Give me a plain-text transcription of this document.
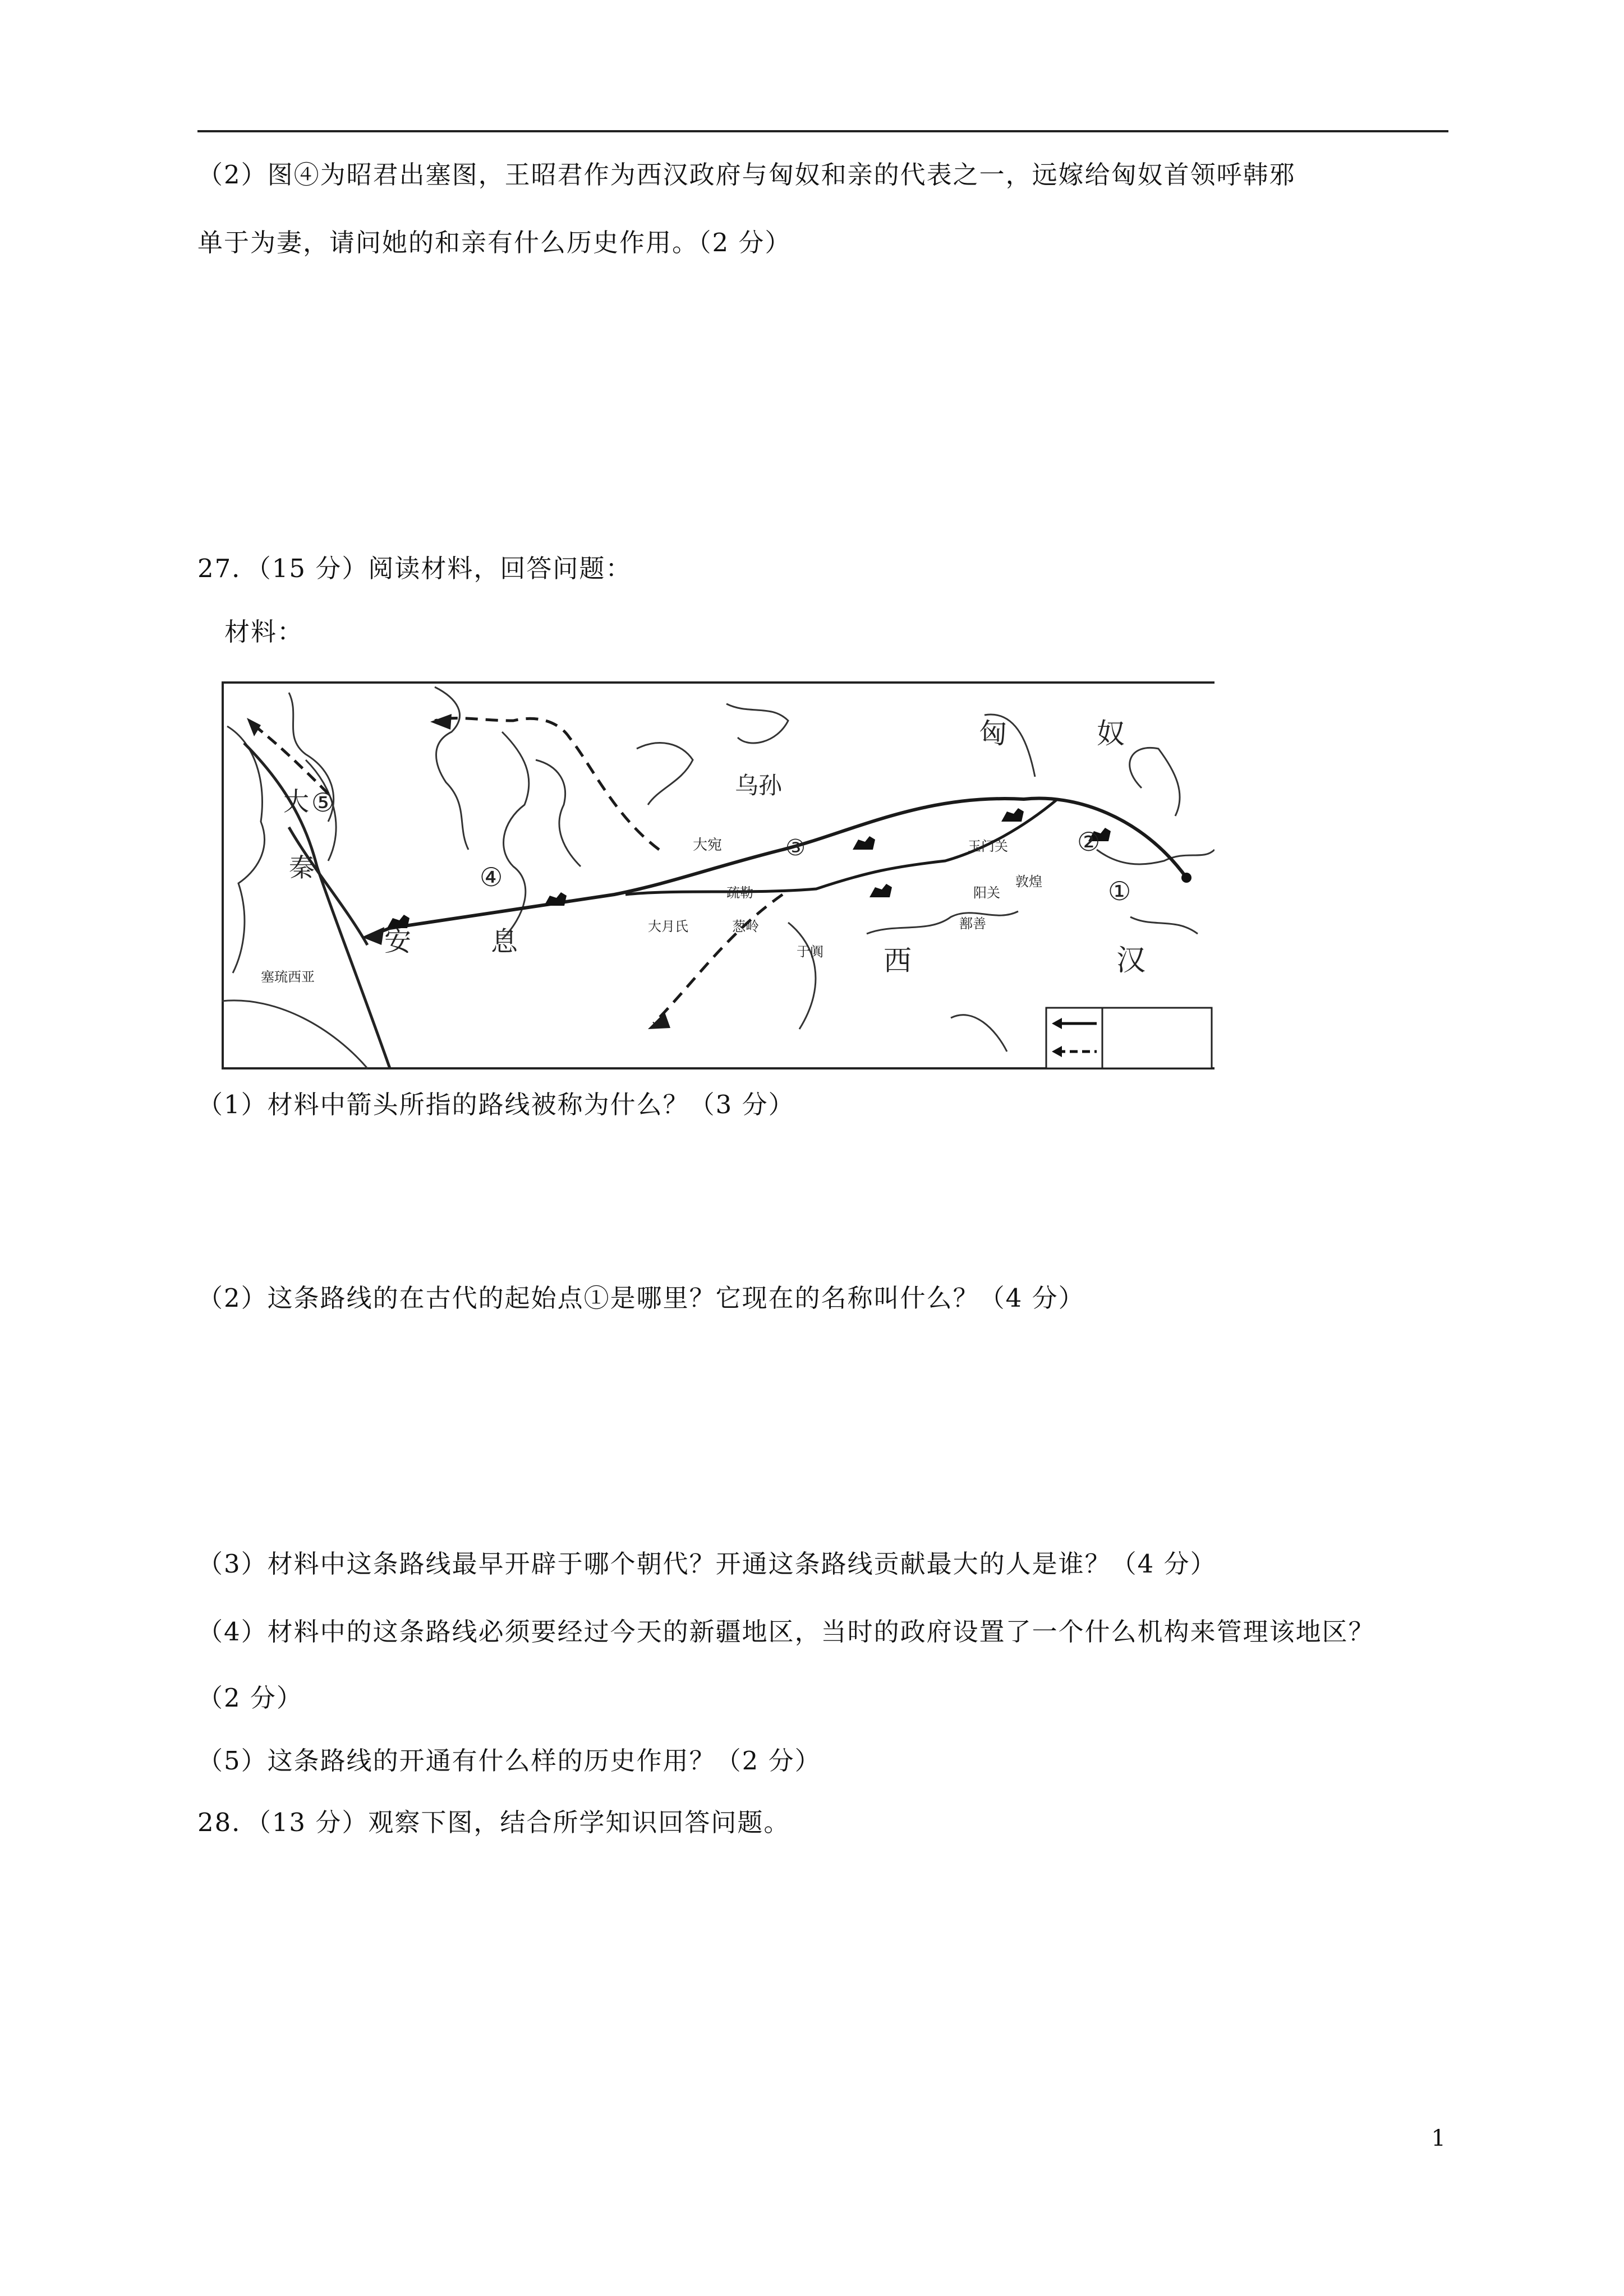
（2）图④为昭君出塞图，王昭君作为西汉政府与匈奴和亲的代表之一，远嫁给匈奴首领呼韩邪
单于为妻，请问她的和亲有什么历史作用。（2 分）
27．（15 分）阅读材料，回答问题：
材料：
匈	奴
乌孙
大宛	玉门关
阳关
敦煌
大
秦
安	息
西	汉
大月氏
疏勒
葱岭
于阗
鄯善
塞琉西亚
①
②
③
④
⑤
（1）材料中箭头所指的路线被称为什么？（3 分）
（2）这条路线的在古代的起始点①是哪里？它现在的名称叫什么？（4 分）
（3）材料中这条路线最早开辟于哪个朝代？开通这条路线贡献最大的人是谁？（4 分）
（4）材料中的这条路线必须要经过今天的新疆地区，当时的政府设置了一个什么机构来管理该地区？
（2 分）
（5）这条路线的开通有什么样的历史作用？（2 分）
28．（13 分）观察下图，结合所学知识回答问题。
1
